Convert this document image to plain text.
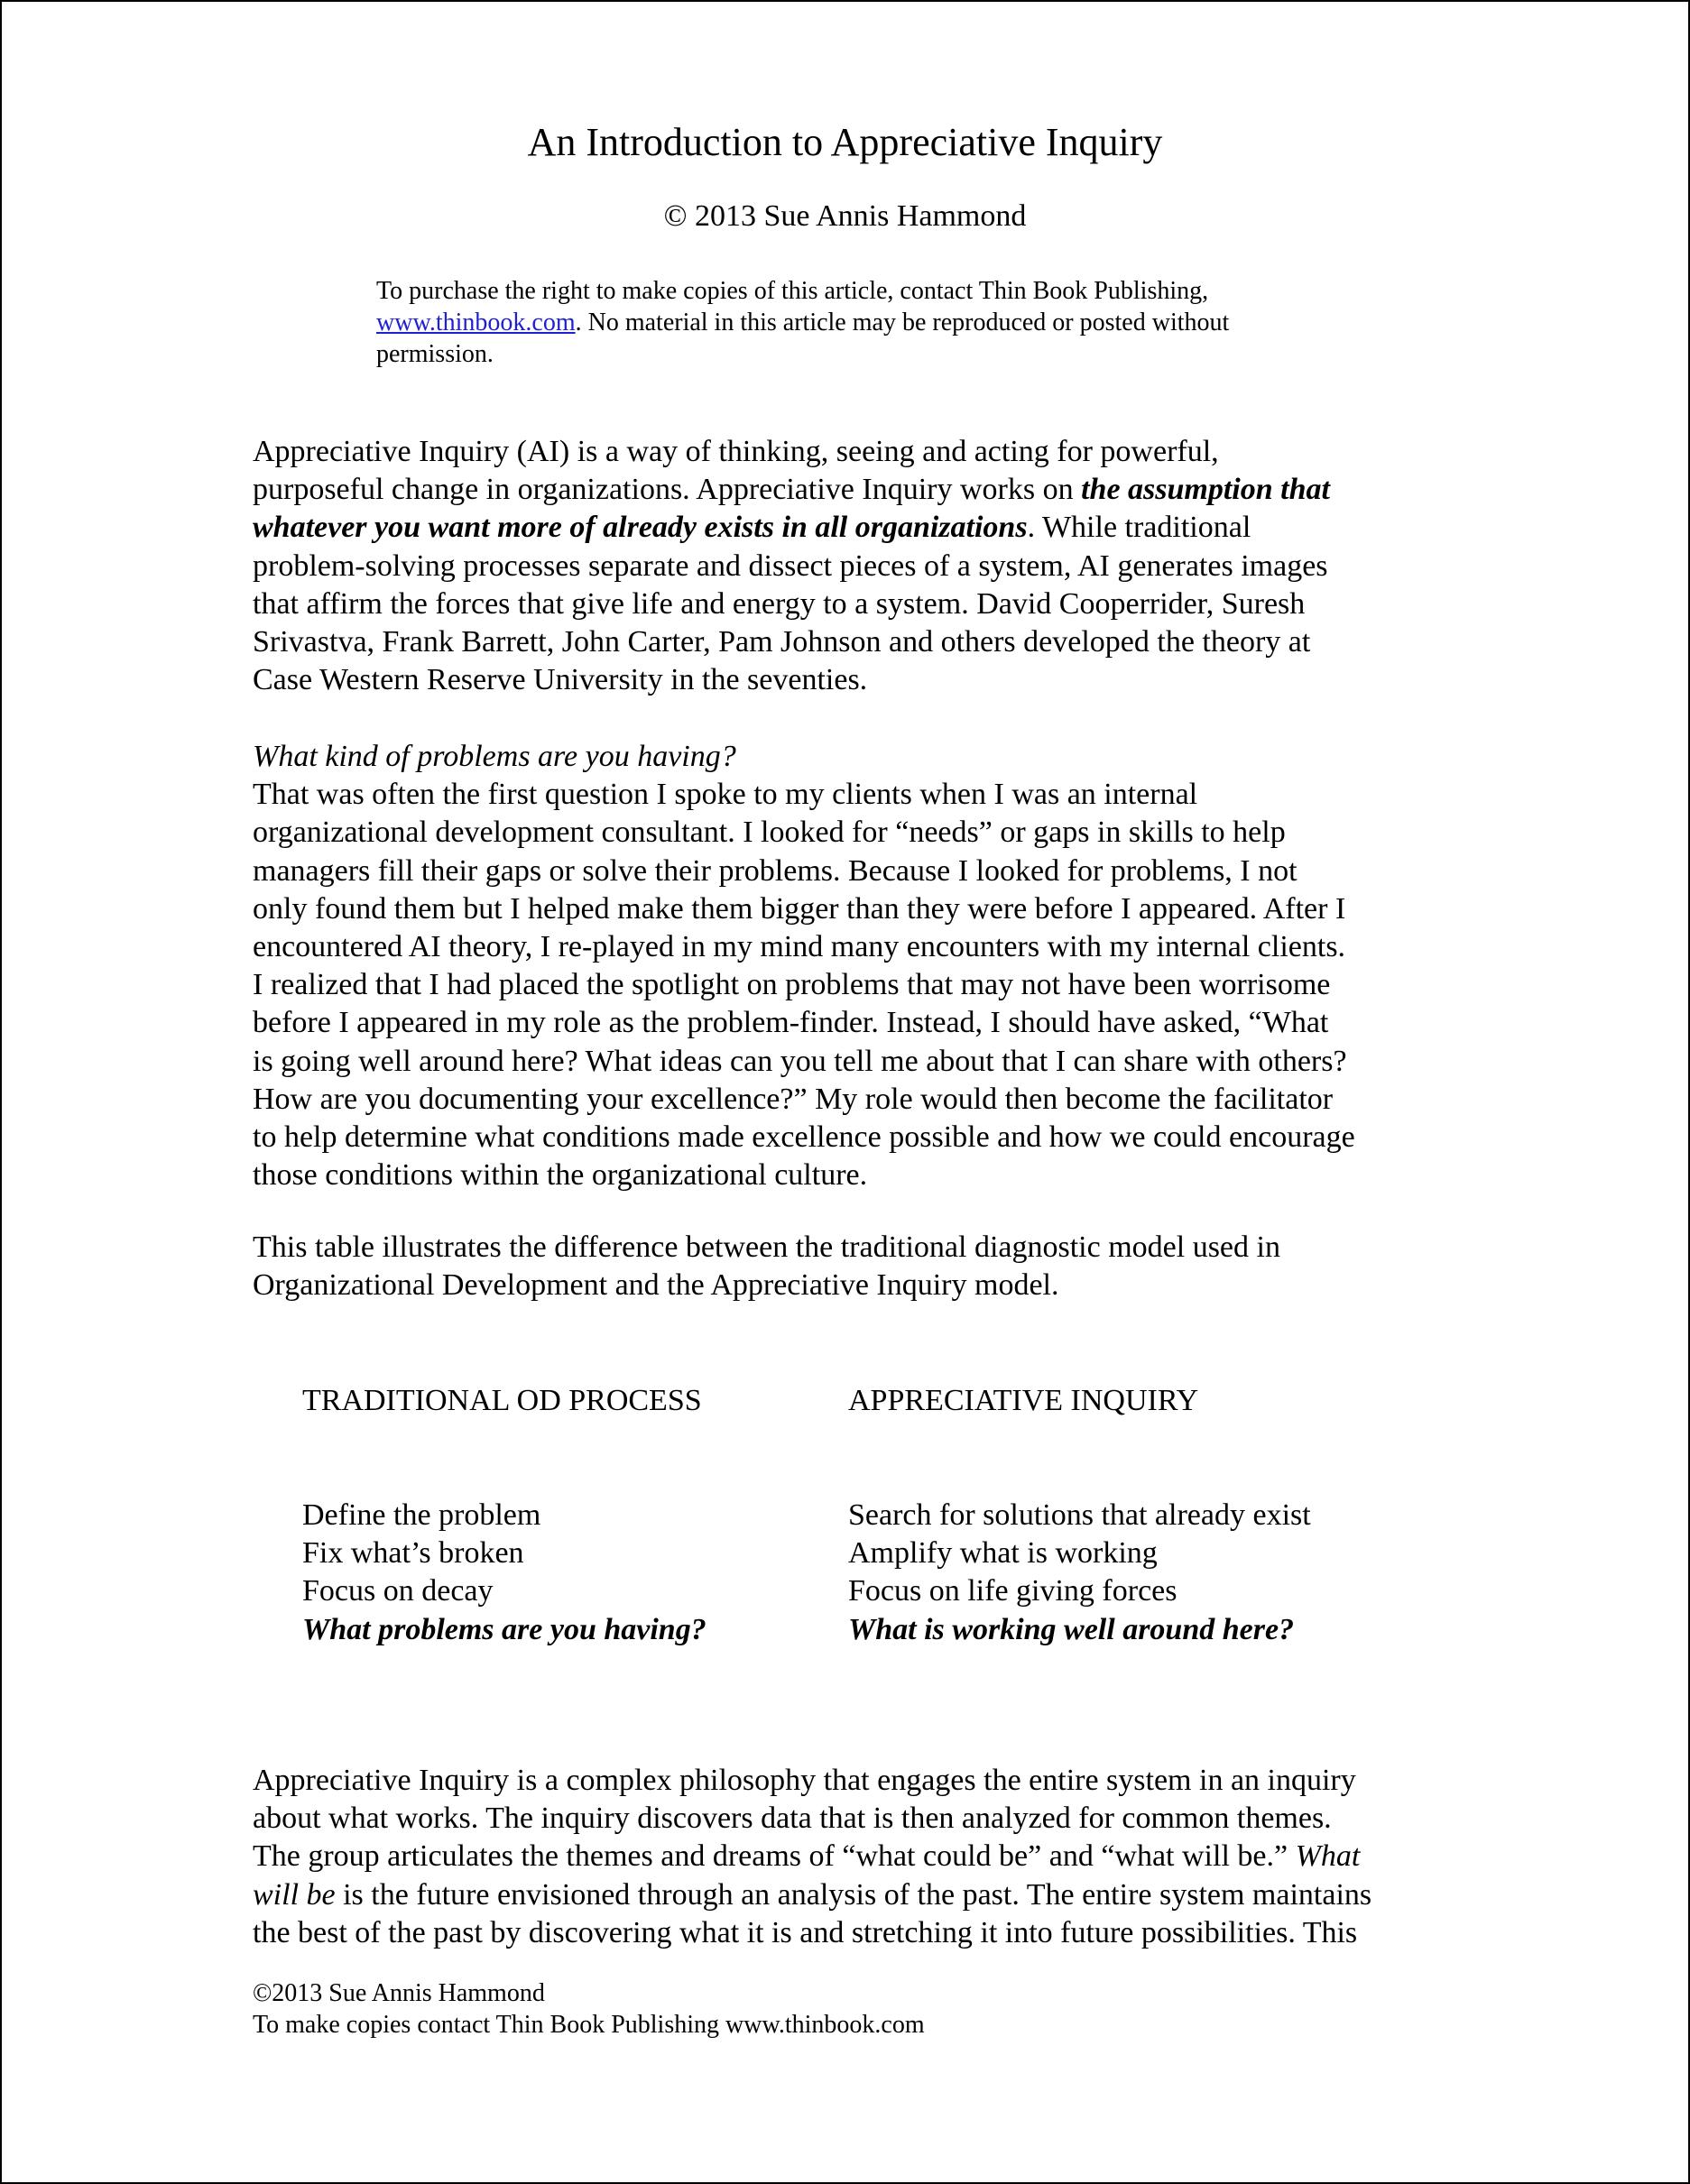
An Introduction to Appreciative Inquiry
© 2013 Sue Annis Hammond
To purchase the right to make copies of this article, contact Thin Book Publishing,
www.thinbook.com. No material in this article may be reproduced or posted without
permission.
Appreciative Inquiry (AI) is a way of thinking, seeing and acting for powerful,
purposeful change in organizations. Appreciative Inquiry works on the assumption that
whatever you want more of already exists in all organizations. While traditional
problem-solving processes separate and dissect pieces of a system, AI generates images
that affirm the forces that give life and energy to a system. David Cooperrider, Suresh
Srivastva, Frank Barrett, John Carter, Pam Johnson and others developed the theory at
Case Western Reserve University in the seventies.
What kind of problems are you having?
That was often the first question I spoke to my clients when I was an internal
organizational development consultant. I looked for “needs” or gaps in skills to help
managers fill their gaps or solve their problems. Because I looked for problems, I not
only found them but I helped make them bigger than they were before I appeared. After I
encountered AI theory, I re-played in my mind many encounters with my internal clients.
I realized that I had placed the spotlight on problems that may not have been worrisome
before I appeared in my role as the problem-finder. Instead, I should have asked, “What
is going well around here? What ideas can you tell me about that I can share with others?
How are you documenting your excellence?” My role would then become the facilitator
to help determine what conditions made excellence possible and how we could encourage
those conditions within the organizational culture.
This table illustrates the difference between the traditional diagnostic model used in
Organizational Development and the Appreciative Inquiry model.
TRADITIONAL OD PROCESS	APPRECIATIVE INQUIRY
Define the problem
Fix what’s broken
Focus on decay
What problems are you having?
Search for solutions that already exist
Amplify what is working
Focus on life giving forces
What is working well around here?
Appreciative Inquiry is a complex philosophy that engages the entire system in an inquiry
about what works. The inquiry discovers data that is then analyzed for common themes.
The group articulates the themes and dreams of “what could be” and “what will be.” What
will be is the future envisioned through an analysis of the past. The entire system maintains
the best of the past by discovering what it is and stretching it into future possibilities. This
©2013 Sue Annis Hammond
To make copies contact Thin Book Publishing www.thinbook.com
